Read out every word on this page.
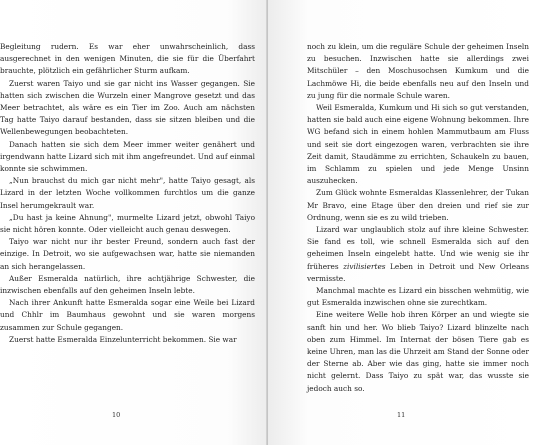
Begleitung rudern. Es war eher unwahrscheinlich, dass ausgerechnet in den wenigen Minuten, die sie für die Überfahrt brauchte, plötzlich ein gefährlicher Sturm aufkam.

Zuerst waren Taiyo und sie gar nicht ins Wasser gegangen. Sie hatten sich zwischen die Wurzeln einer Mangrove gesetzt und das Meer betrachtet, als wäre es ein Tier im Zoo. Auch am nächsten Tag hatte Taiyo darauf bestanden, dass sie sitzen bleiben und die Wellenbewegungen beobachteten.

Danach hatten sie sich dem Meer immer weiter genähert und irgendwann hatte Lizard sich mit ihm angefreundet. Und auf einmal konnte sie schwimmen.

„Nun brauchst du mich gar nicht mehr", hatte Taiyo gesagt, als Lizard in der letzten Woche vollkommen furchtlos um die ganze Insel herumgekrault war.

„Du hast ja keine Ahnung", murmelte Lizard jetzt, obwohl Taiyo sie nicht hören konnte. Oder vielleicht auch genau deswegen.

Taiyo war nicht nur ihr bester Freund, sondern auch fast der einzige. In Detroit, wo sie aufgewachsen war, hatte sie niemanden an sich herangelassen.

Außer Esmeralda natürlich, ihre achtjährige Schwester, die inzwischen ebenfalls auf den geheimen Inseln lebte.

Nach ihrer Ankunft hatte Esmeralda sogar eine Weile bei Lizard und Chhlr im Baumhaus gewohnt und sie waren morgens zusammen zur Schule gegangen.

Zuerst hatte Esmeralda Einzelunterricht bekommen. Sie war

10

noch zu klein, um die reguläre Schule der geheimen Inseln zu besuchen. Inzwischen hatte sie allerdings zwei Mitschüler – den Moschusochsen Kumkum und die Lachmöwe Hi, die beide ebenfalls neu auf den Inseln und zu jung für die normale Schule waren.

Weil Esmeralda, Kumkum und Hi sich so gut verstanden, hatten sie bald auch eine eigene Wohnung bekommen. Ihre WG befand sich in einem hohlen Mammutbaum am Fluss und seit sie dort eingezogen waren, verbrachten sie ihre Zeit damit, Staudämme zu errichten, Schaukeln zu bauen, im Schlamm zu spielen und jede Menge Unsinn auszuhecken.

Zum Glück wohnte Esmeraldas Klassenlehrer, der Tukan Mr Bravo, eine Etage über den dreien und rief sie zur Ordnung, wenn sie es zu wild trieben.

Lizard war unglaublich stolz auf ihre kleine Schwester. Sie fand es toll, wie schnell Esmeralda sich auf den geheimen Inseln eingelebt hatte. Und wie wenig sie ihr früheres zivilisiertes Leben in Detroit und New Orleans vermisste.

Manchmal machte es Lizard ein bisschen wehmütig, wie gut Esmeralda inzwischen ohne sie zurechtkam.

Eine weitere Welle hob ihren Körper an und wiegte sie sanft hin und her. Wo blieb Taiyo? Lizard blinzelte nach oben zum Himmel. Im Internat der bösen Tiere gab es keine Uhren, man las die Uhrzeit am Stand der Sonne oder der Sterne ab. Aber wie das ging, hatte sie immer noch nicht gelernt. Dass Taiyo zu spät war, das wusste sie jedoch auch so.

11
